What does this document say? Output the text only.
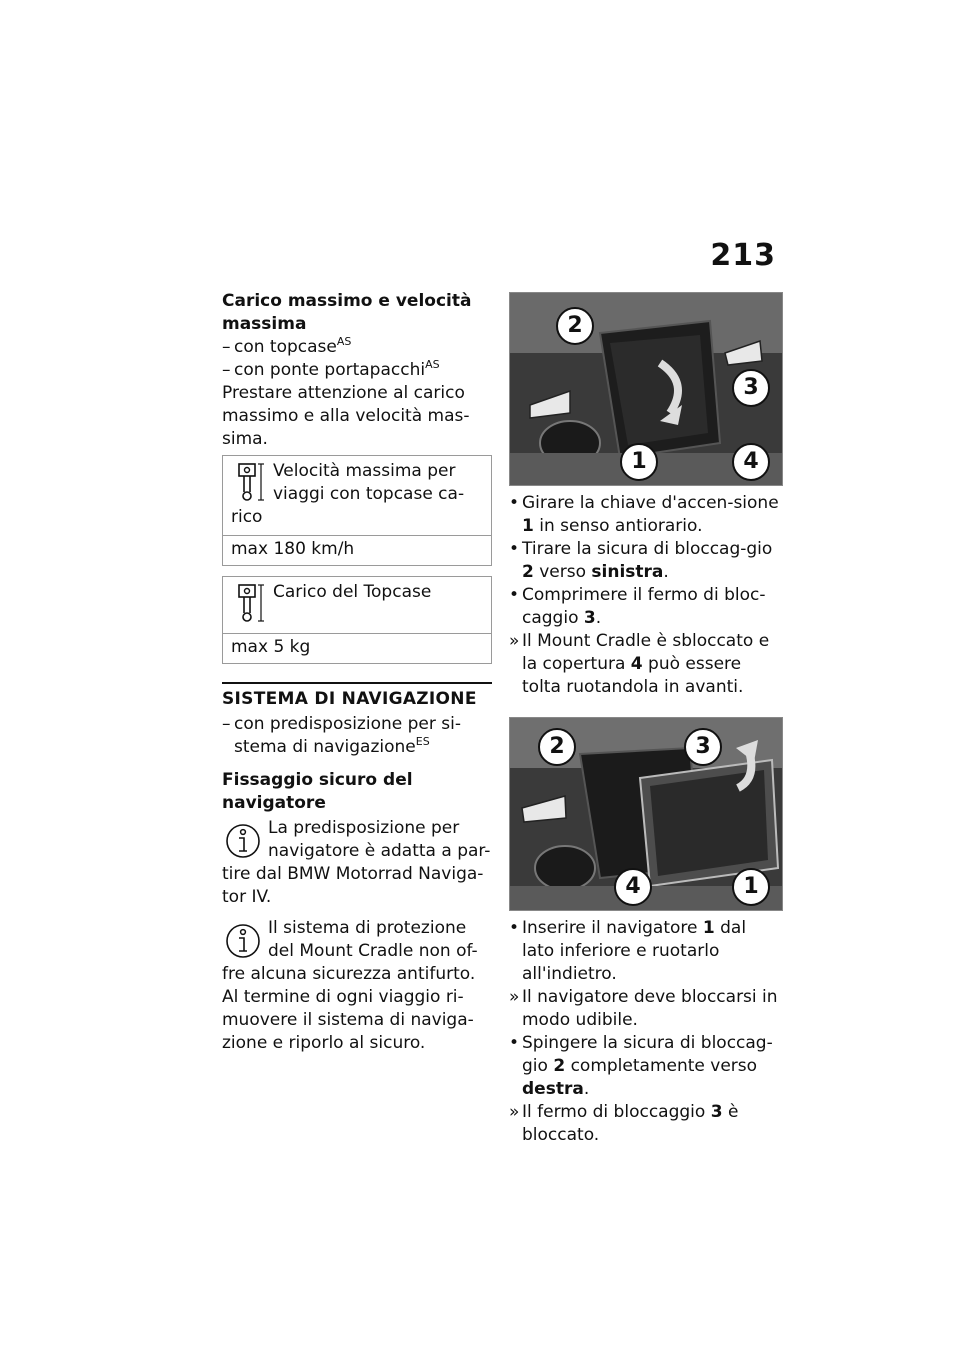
213

Carico massimo e velocità massima

– con topcase$^{AS}$
– con ponte portapacchi$^{AS}$

Prestare attenzione al carico massimo e alla velocità mas-sima.

Velocità massima per viaggi con topcase ca-rico
max 180 km/h
Carico del Topcase
max 5 kg
SISTEMA DI NAVIGAZIONE
– con predisposizione per si-stema di navigazione$^{ES}$

Fissaggio sicuro del navigatore

La predisposizione per navigatore è adatta a par-tire dal BMW Motorrad Naviga-tor IV.
Il sistema di protezione del Mount Cradle non of-fre alcuna sicurezza antifurto. Al termine di ogni viaggio ri-muovere il sistema di naviga-zione e riporlo al sicuro.
2
3
1	4
• Girare la chiave d'accen-sione 1 in senso antiorario.
• Tirare la sicura di bloccag-gio 2 verso sinistra.
• Comprimere il fermo di bloc-caggio 3.
» Il Mount Cradle è sbloccato e la copertura 4 può essere tolta ruotandola in avanti.
2	3
4	1
• Inserire il navigatore 1 dal lato inferiore e ruotarlo all'indietro.
» Il navigatore deve bloccarsi in modo udibile.
• Spingere la sicura di bloccag-gio 2 completamente verso destra.
» Il fermo di bloccaggio 3 è bloccato.
